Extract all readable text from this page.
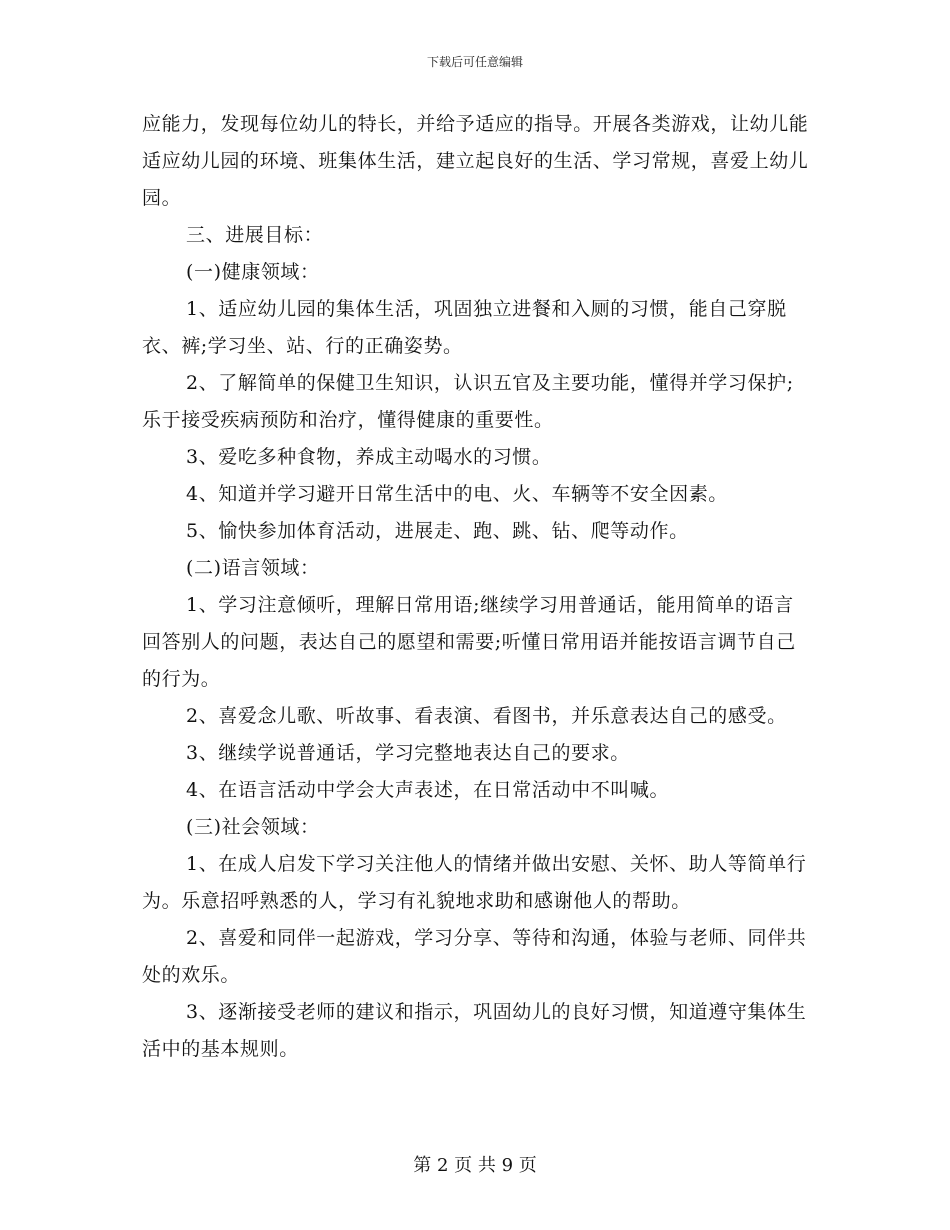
下载后可任意编辑

应能力，发现每位幼儿的特长，并给予适应的指导。开展各类游戏，让幼儿能适应幼儿园的环境、班集体生活，建立起良好的生活、学习常规，喜爱上幼儿园。

三、进展目标：

(一)健康领域：

1、适应幼儿园的集体生活，巩固独立进餐和入厕的习惯，能自己穿脱衣、裤;学习坐、站、行的正确姿势。

2、了解简单的保健卫生知识，认识五官及主要功能，懂得并学习保护;乐于接受疾病预防和治疗，懂得健康的重要性。

3、爱吃多种食物，养成主动喝水的习惯。

4、知道并学习避开日常生活中的电、火、车辆等不安全因素。

5、愉快参加体育活动，进展走、跑、跳、钻、爬等动作。

(二)语言领域：

1、学习注意倾听，理解日常用语;继续学习用普通话，能用简单的语言回答别人的问题，表达自己的愿望和需要;听懂日常用语并能按语言调节自己的行为。

2、喜爱念儿歌、听故事、看表演、看图书，并乐意表达自己的感受。

3、继续学说普通话，学习完整地表达自己的要求。

4、在语言活动中学会大声表述，在日常活动中不叫喊。

(三)社会领域：

1、在成人启发下学习关注他人的情绪并做出安慰、关怀、助人等简单行为。乐意招呼熟悉的人，学习有礼貌地求助和感谢他人的帮助。

2、喜爱和同伴一起游戏，学习分享、等待和沟通，体验与老师、同伴共处的欢乐。

3、逐渐接受老师的建议和指示，巩固幼儿的良好习惯，知道遵守集体生活中的基本规则。

第 2 页 共 9 页
